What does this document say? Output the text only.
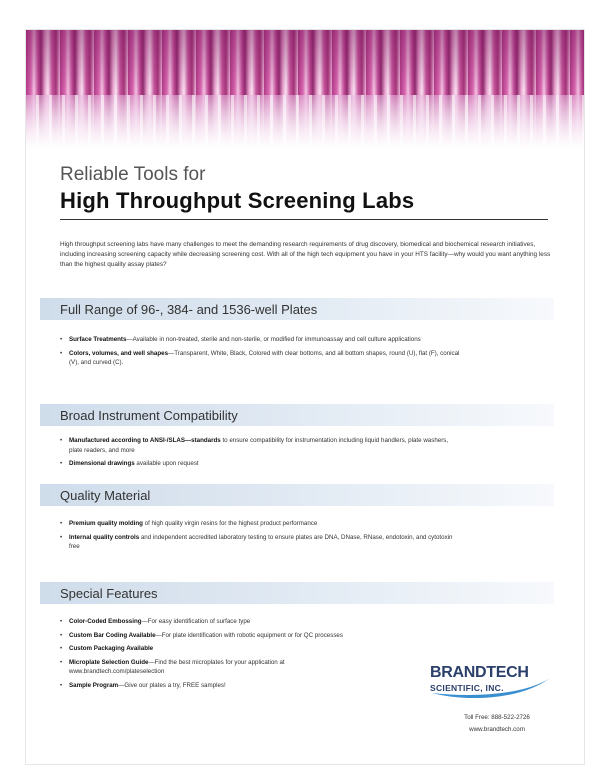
Reliable Tools for
High Throughput Screening Labs
High throughput screening labs have many challenges to meet the demanding research requirements of drug discovery, biomedical and biochemical research initiatives, including increasing screening capacity while decreasing screening cost. With all of the high tech equipment you have in your HTS facility—why would you want anything less than the highest quality assay plates?
Full Range of 96-, 384- and 1536-well Plates
• Surface Treatments—Available in non-treated, sterile and non-sterile, or modified for immunoassay and cell culture applications
• Colors, volumes, and well shapes—Transparent, White, Black, Colored with clear bottoms, and all bottom shapes, round (U), flat (F), conical (V), and curved (C).
Broad Instrument Compatibility
• Manufactured according to ANSI-/SLAS—standards to ensure compatibility for instrumentation including liquid handlers, plate washers, plate readers, and more
• Dimensional drawings available upon request
Quality Material
• Premium quality molding of high quality virgin resins for the highest product performance
• Internal quality controls and independent accredited laboratory testing to ensure plates are DNA, DNase, RNase, endotoxin, and cytotoxin free
Special Features
• Color-Coded Embossing—For easy identification of surface type
• Custom Bar Coding Available—For plate identification with robotic equipment or for QC processes
• Custom Packaging Available
• Microplate Selection Guide—Find the best microplates for your application at www.brandtech.com/plateselection
• Sample Program—Give our plates a try, FREE samples!
BRANDTECH
SCIENTIFIC, INC.
Toll Free: 888-522-2726
www.brandtech.com
